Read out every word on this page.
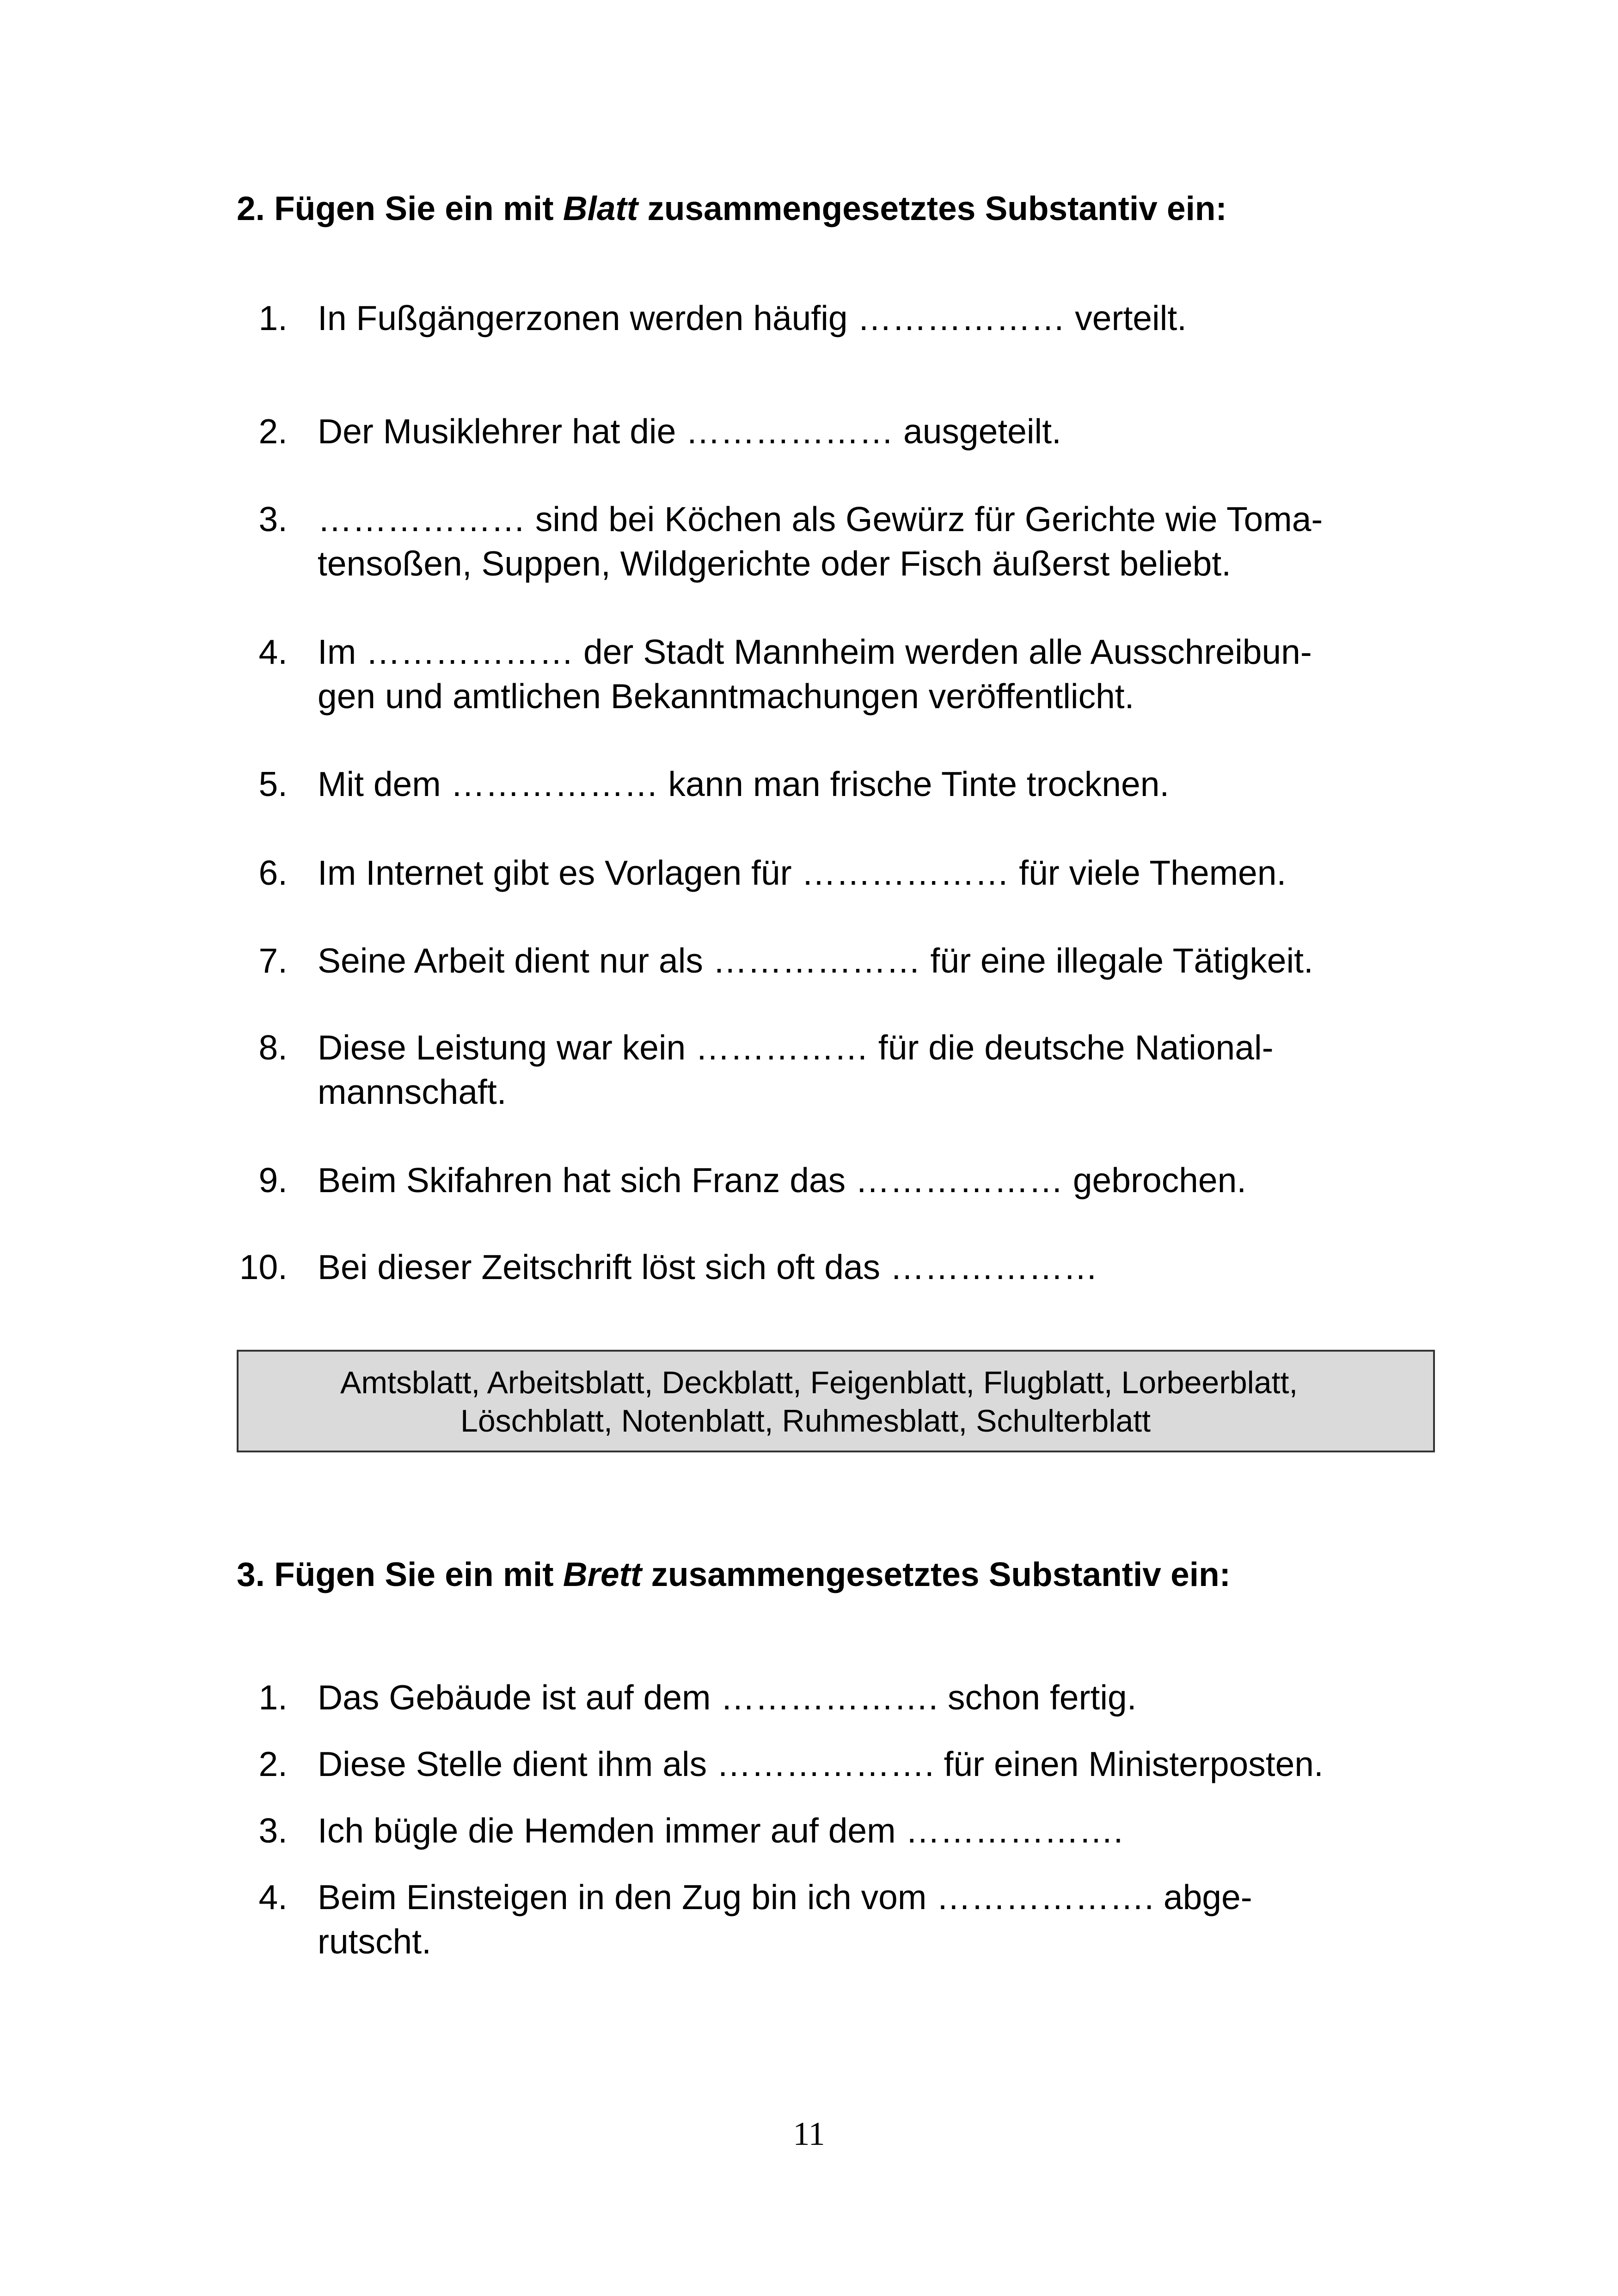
2. Fügen Sie ein mit Blatt zusammengesetztes Substantiv ein:
1. In Fußgängerzonen werden häufig ……………… verteilt.
2. Der Musiklehrer hat die ……………… ausgeteilt.
3. ……………… sind bei Köchen als Gewürz für Gerichte wie Toma-
tensoßen, Suppen, Wildgerichte oder Fisch äußerst beliebt.
4. Im ……………… der Stadt Mannheim werden alle Ausschreibun-
gen und amtlichen Bekanntmachungen veröffentlicht.
5. Mit dem ……………… kann man frische Tinte trocknen.
6. Im Internet gibt es Vorlagen für ……………… für viele Themen.
7. Seine Arbeit dient nur als ……………… für eine illegale Tätigkeit.
8. Diese Leistung war kein …………… für die deutsche National-
mannschaft.
9. Beim Skifahren hat sich Franz das ……………… gebrochen.
10. Bei dieser Zeitschrift löst sich oft das ………………
Amtsblatt, Arbeitsblatt, Deckblatt, Feigenblatt, Flugblatt, Lorbeerblatt,
Löschblatt, Notenblatt, Ruhmesblatt, Schulterblatt
3. Fügen Sie ein mit Brett zusammengesetztes Substantiv ein:
1. Das Gebäude ist auf dem ………………. schon fertig.
2. Diese Stelle dient ihm als ………………. für einen Ministerposten.
3. Ich bügle die Hemden immer auf dem ……………….
4. Beim Einsteigen in den Zug bin ich vom ………………. abge-
rutscht.
11
